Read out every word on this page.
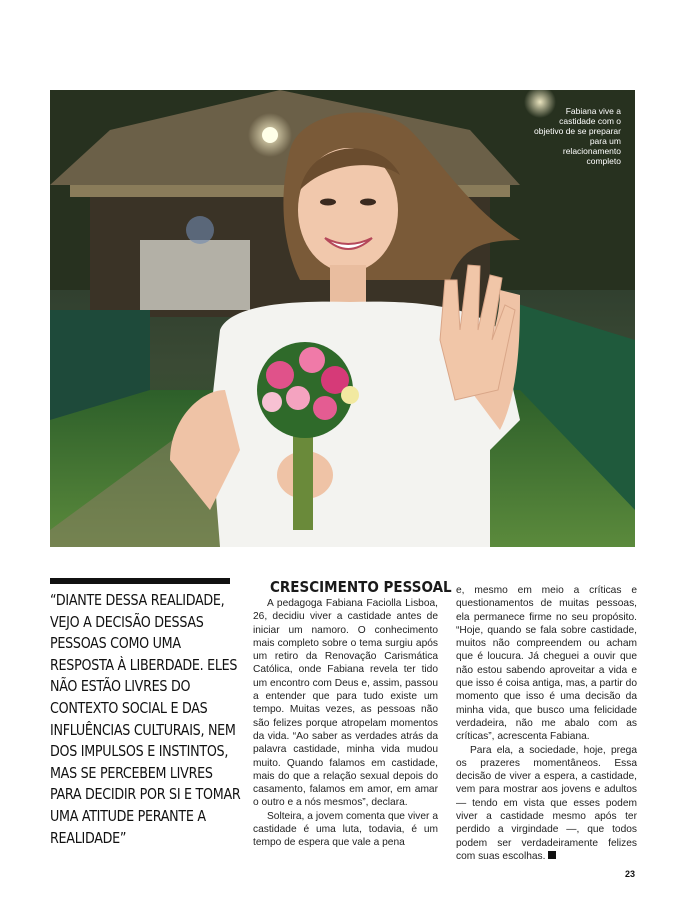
Fabiana vive a castidade com o objetivo de se preparar para um relacionamento completo
“DIANTE DESSA REALIDADE, VEJO A DECISÃO DESSAS PESSOAS COMO UMA RESPOSTA À LIBERDADE. ELES NÃO ESTÃO LIVRES DO CONTEXTO SOCIAL E DAS INFLUÊNCIAS CULTURAIS, NEM DOS IMPULSOS E INSTINTOS, MAS SE PERCEBEM LIVRES PARA DECIDIR POR SI E TOMAR UMA ATITUDE PERANTE A REALIDADE”
CRESCIMENTO PESSOAL

A pedagoga Fabiana Faciolla Lisboa, 26, decidiu viver a castidade antes de iniciar um namoro. O conhecimento mais completo sobre o tema surgiu após um retiro da Renovação Carismática Católica, onde Fabiana revela ter tido um encontro com Deus e, assim, passou a entender que para tudo existe um tempo. Muitas vezes, as pessoas não são felizes porque atropelam momentos da vida. “Ao saber as verdades atrás da palavra castidade, minha vida mudou muito. Quando falamos em castidade, mais do que a relação sexual depois do casamento, falamos em amor, em amar o outro e a nós mesmos”, declara.

Solteira, a jovem comenta que viver a castidade é uma luta, todavia, é um tempo de espera que vale a pena

e, mesmo em meio a críticas e questionamentos de muitas pessoas, ela permanece firme no seu propósito. “Hoje, quando se fala sobre castidade, muitos não compreendem ou acham que é loucura. Já cheguei a ouvir que não estou sabendo aproveitar a vida e que isso é coisa antiga, mas, a partir do momento que isso é uma decisão da minha vida, que busco uma felicidade verdadeira, não me abalo com as críticas”, acrescenta Fabiana.

Para ela, a sociedade, hoje, prega os prazeres momentâneos. Essa decisão de viver a espera, a castidade, vem para mostrar aos jovens e adultos — tendo em vista que esses podem viver a castidade mesmo após ter perdido a virgindade —, que todos podem ser verdadeiramente felizes com suas escolhas.

23
